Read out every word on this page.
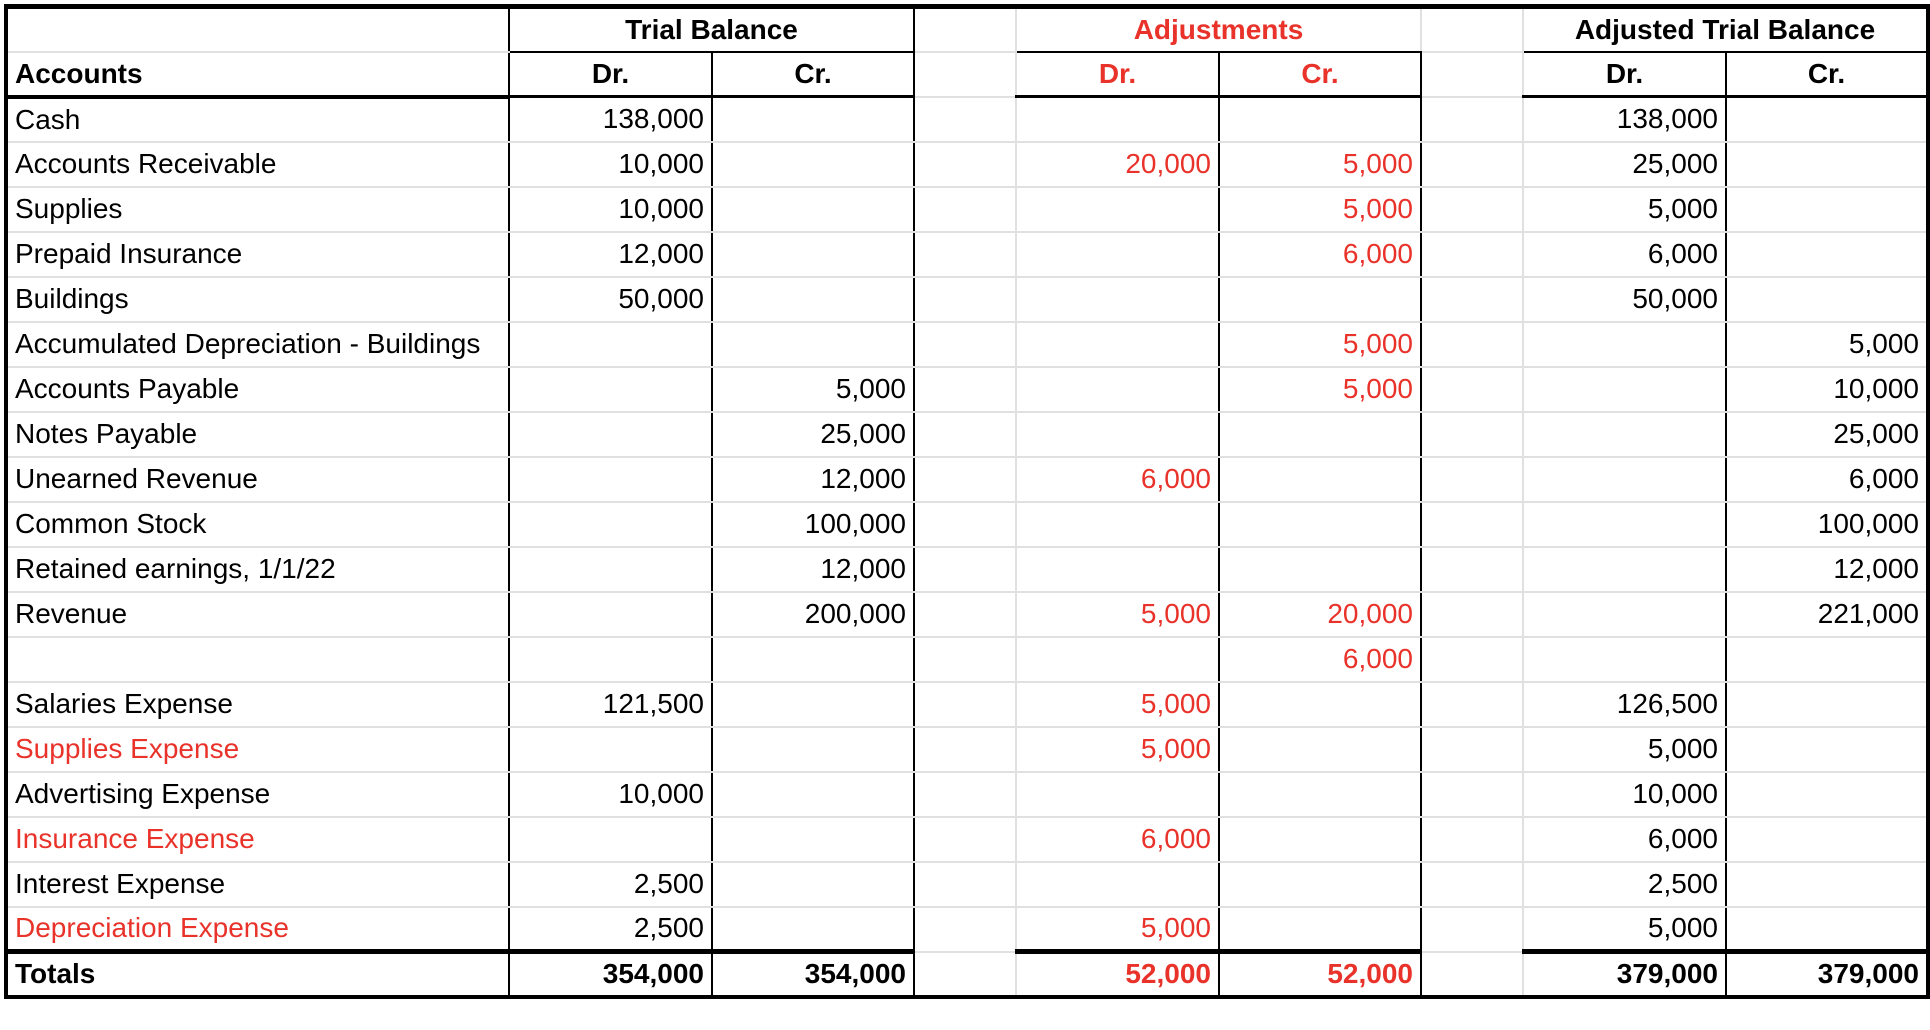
	Trial Balance			Adjustments			Adjusted Trial Balance	
Accounts	Dr.	Cr.		Dr.	Cr.		Dr.	Cr.
Cash	138,000						138,000	
Accounts Receivable	10,000			20,000	5,000		25,000	
Supplies	10,000				5,000		5,000	
Prepaid Insurance	12,000				6,000		6,000	
Buildings	50,000						50,000	
Accumulated Depreciation - Buildings					5,000			5,000
Accounts Payable		5,000			5,000			10,000
Notes Payable		25,000						25,000
Unearned Revenue		12,000		6,000				6,000
Common Stock		100,000						100,000
Retained earnings, 1/1/22		12,000						12,000
Revenue		200,000		5,000	20,000			221,000
					6,000			
Salaries Expense	121,500			5,000			126,500	
Supplies Expense				5,000			5,000	
Advertising Expense	10,000						10,000	
Insurance Expense				6,000			6,000	
Interest Expense	2,500						2,500	
Depreciation Expense	2,500			5,000			5,000	
Totals	354,000	354,000		52,000	52,000		379,000	379,000
